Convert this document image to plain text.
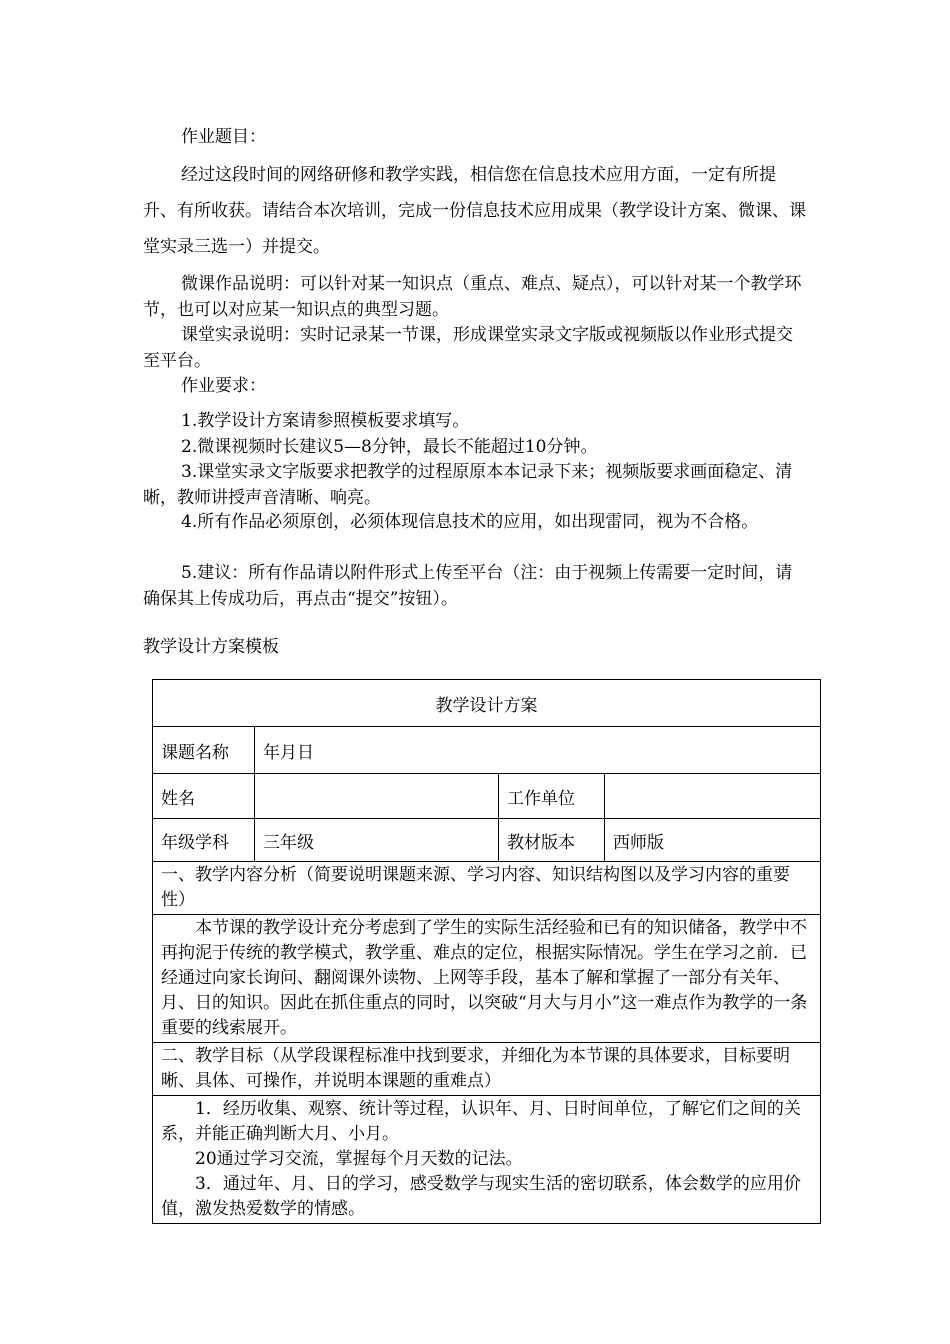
作业题目：

经过这段时间的网络研修和教学实践，相信您在信息技术应用方面，一定有所提升、有所收获。请结合本次培训，完成一份信息技术应用成果（教学设计方案、微课、课堂实录三选一）并提交。

微课作品说明：可以针对某一知识点（重点、难点、疑点），可以针对某一个教学环节，也可以对应某一知识点的典型习题。

课堂实录说明：实时记录某一节课，形成课堂实录文字版或视频版以作业形式提交至平台。

作业要求：

1.教学设计方案请参照模板要求填写。

2.微课视频时长建议5—8分钟，最长不能超过10分钟。

3.课堂实录文字版要求把教学的过程原原本本记录下来；视频版要求画面稳定、清晰，教师讲授声音清晰、响亮。

4.所有作品必须原创，必须体现信息技术的应用，如出现雷同，视为不合格。

5.建议：所有作品请以附件形式上传至平台（注：由于视频上传需要一定时间，请确保其上传成功后，再点击“提交”按钮）。

教学设计方案模板

教学设计方案			
课题名称	年月日		
姓名		工作单位	
年级学科	三年级	教材版本	西师版

一、教学内容分析（简要说明课题来源、学习内容、知识结构图以及学习内容的重要性）			

本节课的教学设计充分考虑到了学生的实际生活经验和已有的知识储备，教学中不再拘泥于传统的教学模式，教学重、难点的定位，根据实际情况。学生在学习之前．已经通过向家长询问、翻阅课外读物、上网等手段，基本了解和掌握了一部分有关年、月、日的知识。因此在抓住重点的同时，以突破“月大与月小”这一难点作为教学的一条重要的线索展开。			

二、教学目标（从学段课程标准中找到要求，并细化为本节课的具体要求，目标要明晰、具体、可操作，并说明本课题的重难点）			

1．经历收集、观察、统计等过程，认识年、月、日时间单位，了解它们之间的关系，并能正确判断大月、小月。

20通过学习交流，掌握每个月天数的记法。

3．通过年、月、日的学习，感受数学与现实生活的密切联系，体会数学的应用价值，激发热爱数学的情感。			
